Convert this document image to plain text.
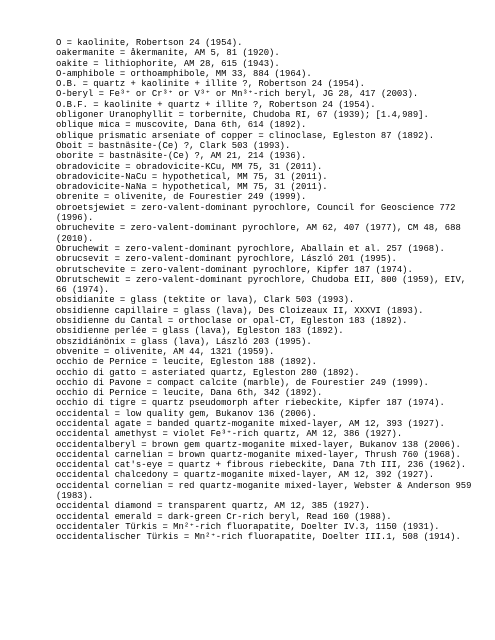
O = kaolinite, Robertson 24 (1954).

oakermanite = åkermanite, AM 5, 81 (1920).

oakite = lithiophorite, AM 28, 615 (1943).

O-amphibole = orthoamphibole, MM 33, 884 (1964).

O.B. = quartz + kaolinite + illite ?, Robertson 24 (1954).

O-beryl = Fe³⁺ or Cr³⁺ or V³⁺ or Mn³⁺-rich beryl, JG 28, 417 (2003).

O.B.F. = kaolinite + quartz + illite ?, Robertson 24 (1954).

obligoner Uranophyllit = torbernite, Chudoba RI, 67 (1939); [1.4,989].

oblique mica = muscovite, Dana 6th, 614 (1892).

oblique prismatic arseniate of copper = clinoclase, Egleston 87 (1892).

Oboit = bastnäsite-(Ce) ?, Clark 503 (1993).

oborite = bastnäsite-(Ce) ?, AM 21, 214 (1936).

obradovicite = obradovicite-KCu, MM 75, 31 (2011).

obradovicite-NaCu = hypothetical, MM 75, 31 (2011).

obradovicite-NaNa = hypothetical, MM 75, 31 (2011).

obrenite = olivenite, de Fourestier 249 (1999).

obroetsjewiet = zero-valent-dominant pyrochlore, Council for Geoscience 772 (1996).

obruchevite = zero-valent-dominant pyrochlore, AM 62, 407 (1977), CM 48, 688 (2010).

Obruchewit = zero-valent-dominant pyrochlore, Aballain et al. 257 (1968).

obrucsevit = zero-valent-dominant pyrochlore, László 201 (1995).

obrutschevite = zero-valent-dominant pyrochlore, Kipfer 187 (1974).

Obrutschewit = zero-valent-dominant pyrochlore, Chudoba EII, 800 (1959), EIV, 66 (1974).

obsidianite = glass (tektite or lava), Clark 503 (1993).

obsidienne capillaire = glass (lava), Des Cloizeaux II, XXXVI (1893).

obsidienne du Cantal = orthoclase or opal-CT, Egleston 183 (1892).

obsidienne perlée = glass (lava), Egleston 183 (1892).

obszidiánönix = glass (lava), László 203 (1995).

obvenite = olivenite, AM 44, 1321 (1959).

occhio de Pernice = leucite, Egleston 188 (1892).

occhio di gatto = asteriated quartz, Egleston 280 (1892).

occhio di Pavone = compact calcite (marble), de Fourestier 249 (1999).

occhio di Pernice = leucite, Dana 6th, 342 (1892).

occhio di tigre = quartz pseudomorph after riebeckite, Kipfer 187 (1974).

occidental = low quality gem, Bukanov 136 (2006).

occidental agate = banded quartz-moganite mixed-layer, AM 12, 393 (1927).

occidental amethyst = violet Fe³⁺-rich quartz, AM 12, 386 (1927).

occidentalberyl = brown gem quartz-moganite mixed-layer, Bukanov 138 (2006).

occidental carnelian = brown quartz-moganite mixed-layer, Thrush 760 (1968).

occidental cat's-eye = quartz + fibrous riebeckite, Dana 7th III, 236 (1962).

occidental chalcedony = quartz-moganite mixed-layer, AM 12, 392 (1927).

occidental cornelian = red quartz-moganite mixed-layer, Webster & Anderson 959 (1983).

occidental diamond = transparent quartz, AM 12, 385 (1927).

occidental emerald = dark-green Cr-rich beryl, Read 160 (1988).

occidentaler Türkis = Mn²⁺-rich fluorapatite, Doelter IV.3, 1150 (1931).

occidentalischer Türkis = Mn²⁺-rich fluorapatite, Doelter III.1, 508 (1914).
